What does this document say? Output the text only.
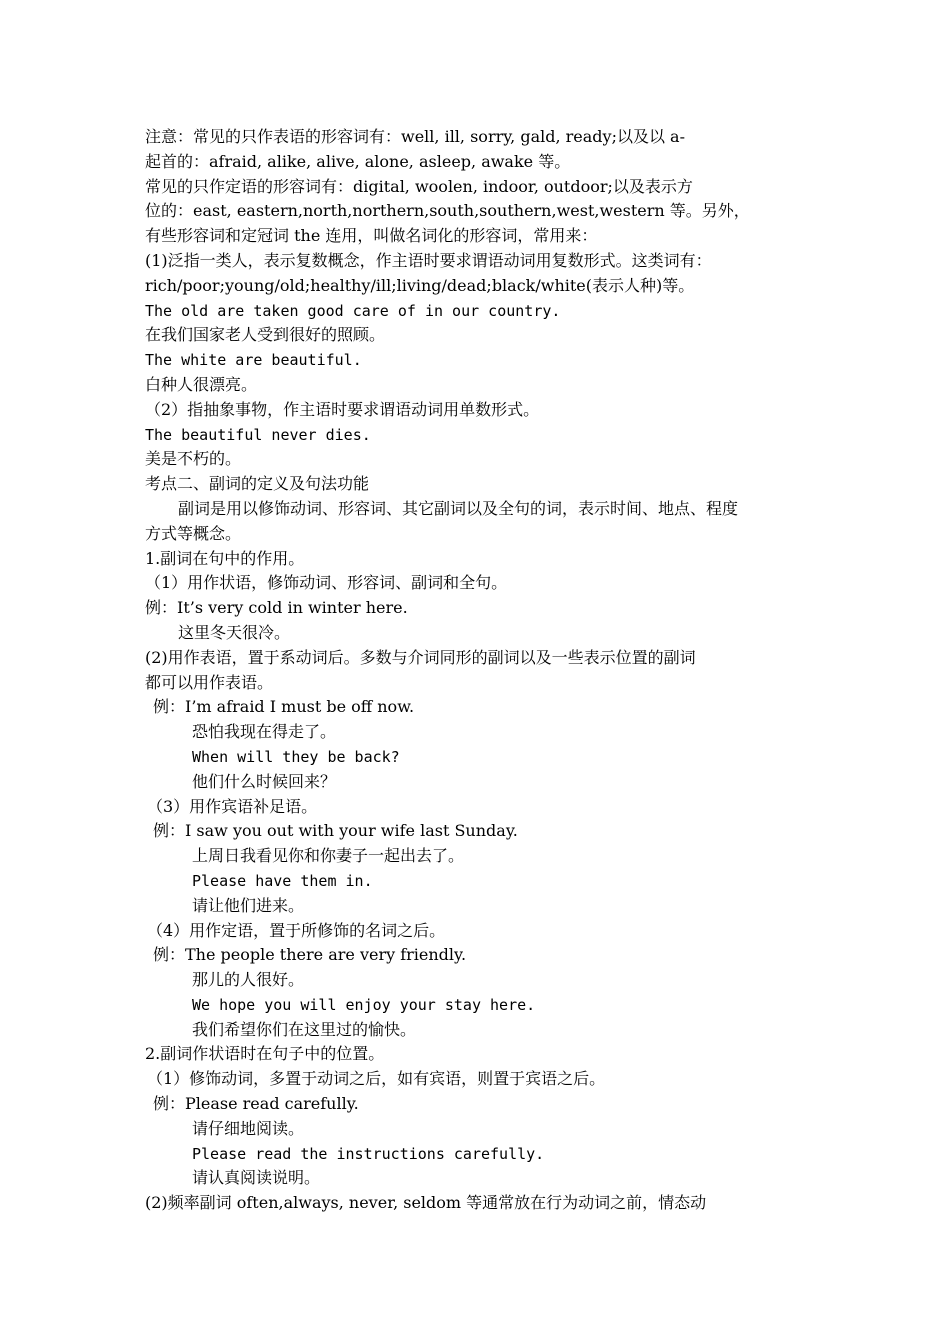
注意：常见的只作表语的形容词有：well, ill, sorry, gald, ready;以及以 a-
起首的：afraid, alike, alive, alone, asleep, awake 等。
常见的只作定语的形容词有：digital, woolen, indoor, outdoor;以及表示方
位的：east, eastern,north,northern,south,southern,west,western 等。另外，
有些形容词和定冠词 the 连用，叫做名词化的形容词，常用来：
(1)泛指一类人，表示复数概念，作主语时要求谓语动词用复数形式。这类词有：
rich/poor;young/old;healthy/ill;living/dead;black/white(表示人种)等。
The old are taken good care of in our country.
在我们国家老人受到很好的照顾。
The white are beautiful.
白种人很漂亮。
（2）指抽象事物，作主语时要求谓语动词用单数形式。
The beautiful never dies.
美是不朽的。
考点二、副词的定义及句法功能
副词是用以修饰动词、形容词、其它副词以及全句的词，表示时间、地点、程度
方式等概念。
1.副词在句中的作用。
（1）用作状语，修饰动词、形容词、副词和全句。
例：It’s very cold in winter here.
这里冬天很冷。
(2)用作表语，置于系动词后。多数与介词同形的副词以及一些表示位置的副词
都可以用作表语。
例：I’m afraid I must be off now.
恐怕我现在得走了。
When will they be back?
他们什么时候回来？
（3）用作宾语补足语。
例：I saw you out with your wife last Sunday.
上周日我看见你和你妻子一起出去了。
Please have them in.
请让他们进来。
（4）用作定语，置于所修饰的名词之后。
例：The people there are very friendly.
那儿的人很好。
We hope you will enjoy your stay here.
我们希望你们在这里过的愉快。
2.副词作状语时在句子中的位置。
（1）修饰动词，多置于动词之后，如有宾语，则置于宾语之后。
例：Please read carefully.
请仔细地阅读。
Please read the instructions carefully.
请认真阅读说明。
(2)频率副词 often,always, never, seldom 等通常放在行为动词之前，情态动
